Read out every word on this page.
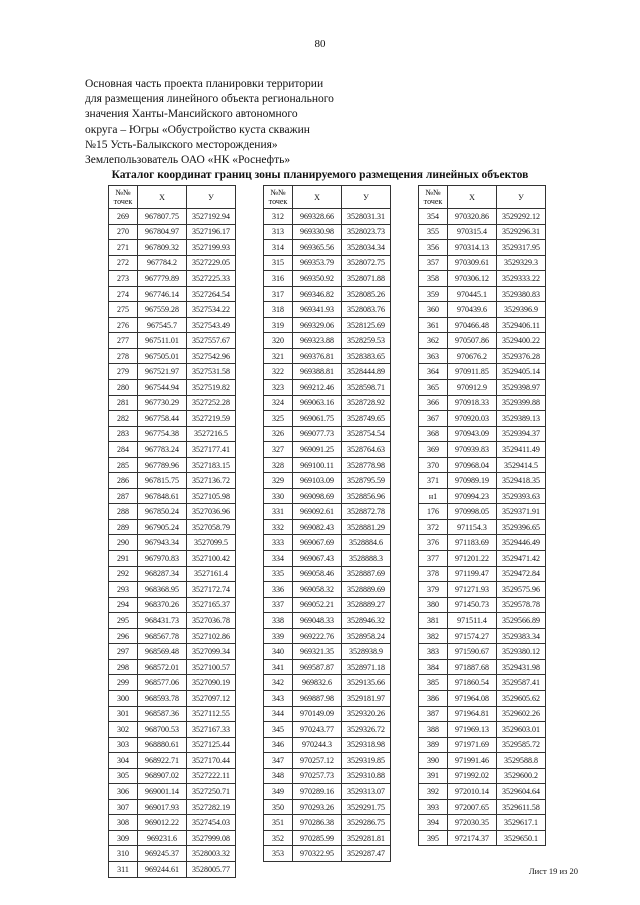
80
Основная часть проекта планировки территории
для размещения линейного объекта регионального
значения Ханты-Мансийского автономного
округа – Югры «Обустройство куста скважин
№15 Усть-Балыкского месторождения»
Землепользователь ОАО «НК «Роснефть»
Каталог координат границ зоны планируемого размещения линейных объектов
№№
точек	X	У
269	967807.75	3527192.94
270	967804.97	3527196.17
271	967809.32	3527199.93
272	967784.2	3527229.05
273	967779.89	3527225.33
274	967746.14	3527264.54
275	967559.28	3527534.22
276	967545.7	3527543.49
277	967511.01	3527557.67
278	967505.01	3527542.96
279	967521.97	3527531.58
280	967544.94	3527519.82
281	967730.29	3527252.28
282	967758.44	3527219.59
283	967754.38	3527216.5
284	967783.24	3527177.41
285	967789.96	3527183.15
286	967815.75	3527136.72
287	967848.61	3527105.98
288	967850.24	3527036.96
289	967905.24	3527058.79
290	967943.34	3527099.5
291	967970.83	3527100.42
292	968287.34	3527161.4
293	968368.95	3527172.74
294	968370.26	3527165.37
295	968431.73	3527036.78
296	968567.78	3527102.86
297	968569.48	3527099.34
298	968572.01	3527100.57
299	968577.06	3527090.19
300	968593.78	3527097.12
301	968587.36	3527112.55
302	968700.53	3527167.33
303	968880.61	3527125.44
304	968922.71	3527170.44
305	968907.02	3527222.11
306	969001.14	3527250.71
307	969017.93	3527282.19
308	969012.22	3527454.03
309	969231.6	3527999.08
310	969245.37	3528003.32
311	969244.61	3528005.77
№№
точек	X	У
312	969328.66	3528031.31
313	969330.98	3528023.73
314	969365.56	3528034.34
315	969353.79	3528072.75
316	969350.92	3528071.88
317	969346.82	3528085.26
318	969341.93	3528083.76
319	969329.06	3528125.69
320	969323.88	3528259.53
321	969376.81	3528383.65
322	969388.81	3528444.89
323	969212.46	3528598.71
324	969063.16	3528728.92
325	969061.75	3528749.65
326	969077.73	3528754.54
327	969091.25	3528764.63
328	969100.11	3528778.98
329	969103.09	3528795.59
330	969098.69	3528856.96
331	969092.61	3528872.78
332	969082.43	3528881.29
333	969067.69	3528884.6
334	969067.43	3528888.3
335	969058.46	3528887.69
336	969058.32	3528889.69
337	969052.21	3528889.27
338	969048.33	3528946.32
339	969222.76	3528958.24
340	969321.35	3528938.9
341	969587.87	3528971.18
342	969832.6	3529135.66
343	969887.98	3529181.97
344	970149.09	3529320.26
345	970243.77	3529326.72
346	970244.3	3529318.98
347	970257.12	3529319.85
348	970257.73	3529310.88
349	970289.16	3529313.07
350	970293.26	3529291.75
351	970286.38	3529286.75
352	970285.99	3529281.81
353	970322.95	3529287.47
№№
точек	X	У
354	970320.86	3529292.12
355	970315.4	3529296.31
356	970314.13	3529317.95
357	970309.61	3529329.3
358	970306.12	3529333.22
359	970445.1	3529380.83
360	970439.6	3529396.9
361	970466.48	3529406.11
362	970507.86	3529400.22
363	970676.2	3529376.28
364	970911.85	3529405.14
365	970912.9	3529398.97
366	970918.33	3529399.88
367	970920.03	3529389.13
368	970943.09	3529394.37
369	970939.83	3529411.49
370	970968.04	3529414.5
371	970989.19	3529418.35
н1	970994.23	3529393.63
176	970998.05	3529371.91
372	971154.3	3529396.65
376	971183.69	3529446.49
377	971201.22	3529471.42
378	971199.47	3529472.84
379	971271.93	3529575.96
380	971450.73	3529578.78
381	971511.4	3529566.89
382	971574.27	3529383.34
383	971590.67	3529380.12
384	971887.68	3529431.98
385	971860.54	3529587.41
386	971964.08	3529605.62
387	971964.81	3529602.26
388	971969.13	3529603.01
389	971971.69	3529585.72
390	971991.46	3529588.8
391	971992.02	3529600.2
392	972010.14	3529604.64
393	972007.65	3529611.58
394	972030.35	3529617.1
395	972174.37	3529650.1
Лист 19 из 20
